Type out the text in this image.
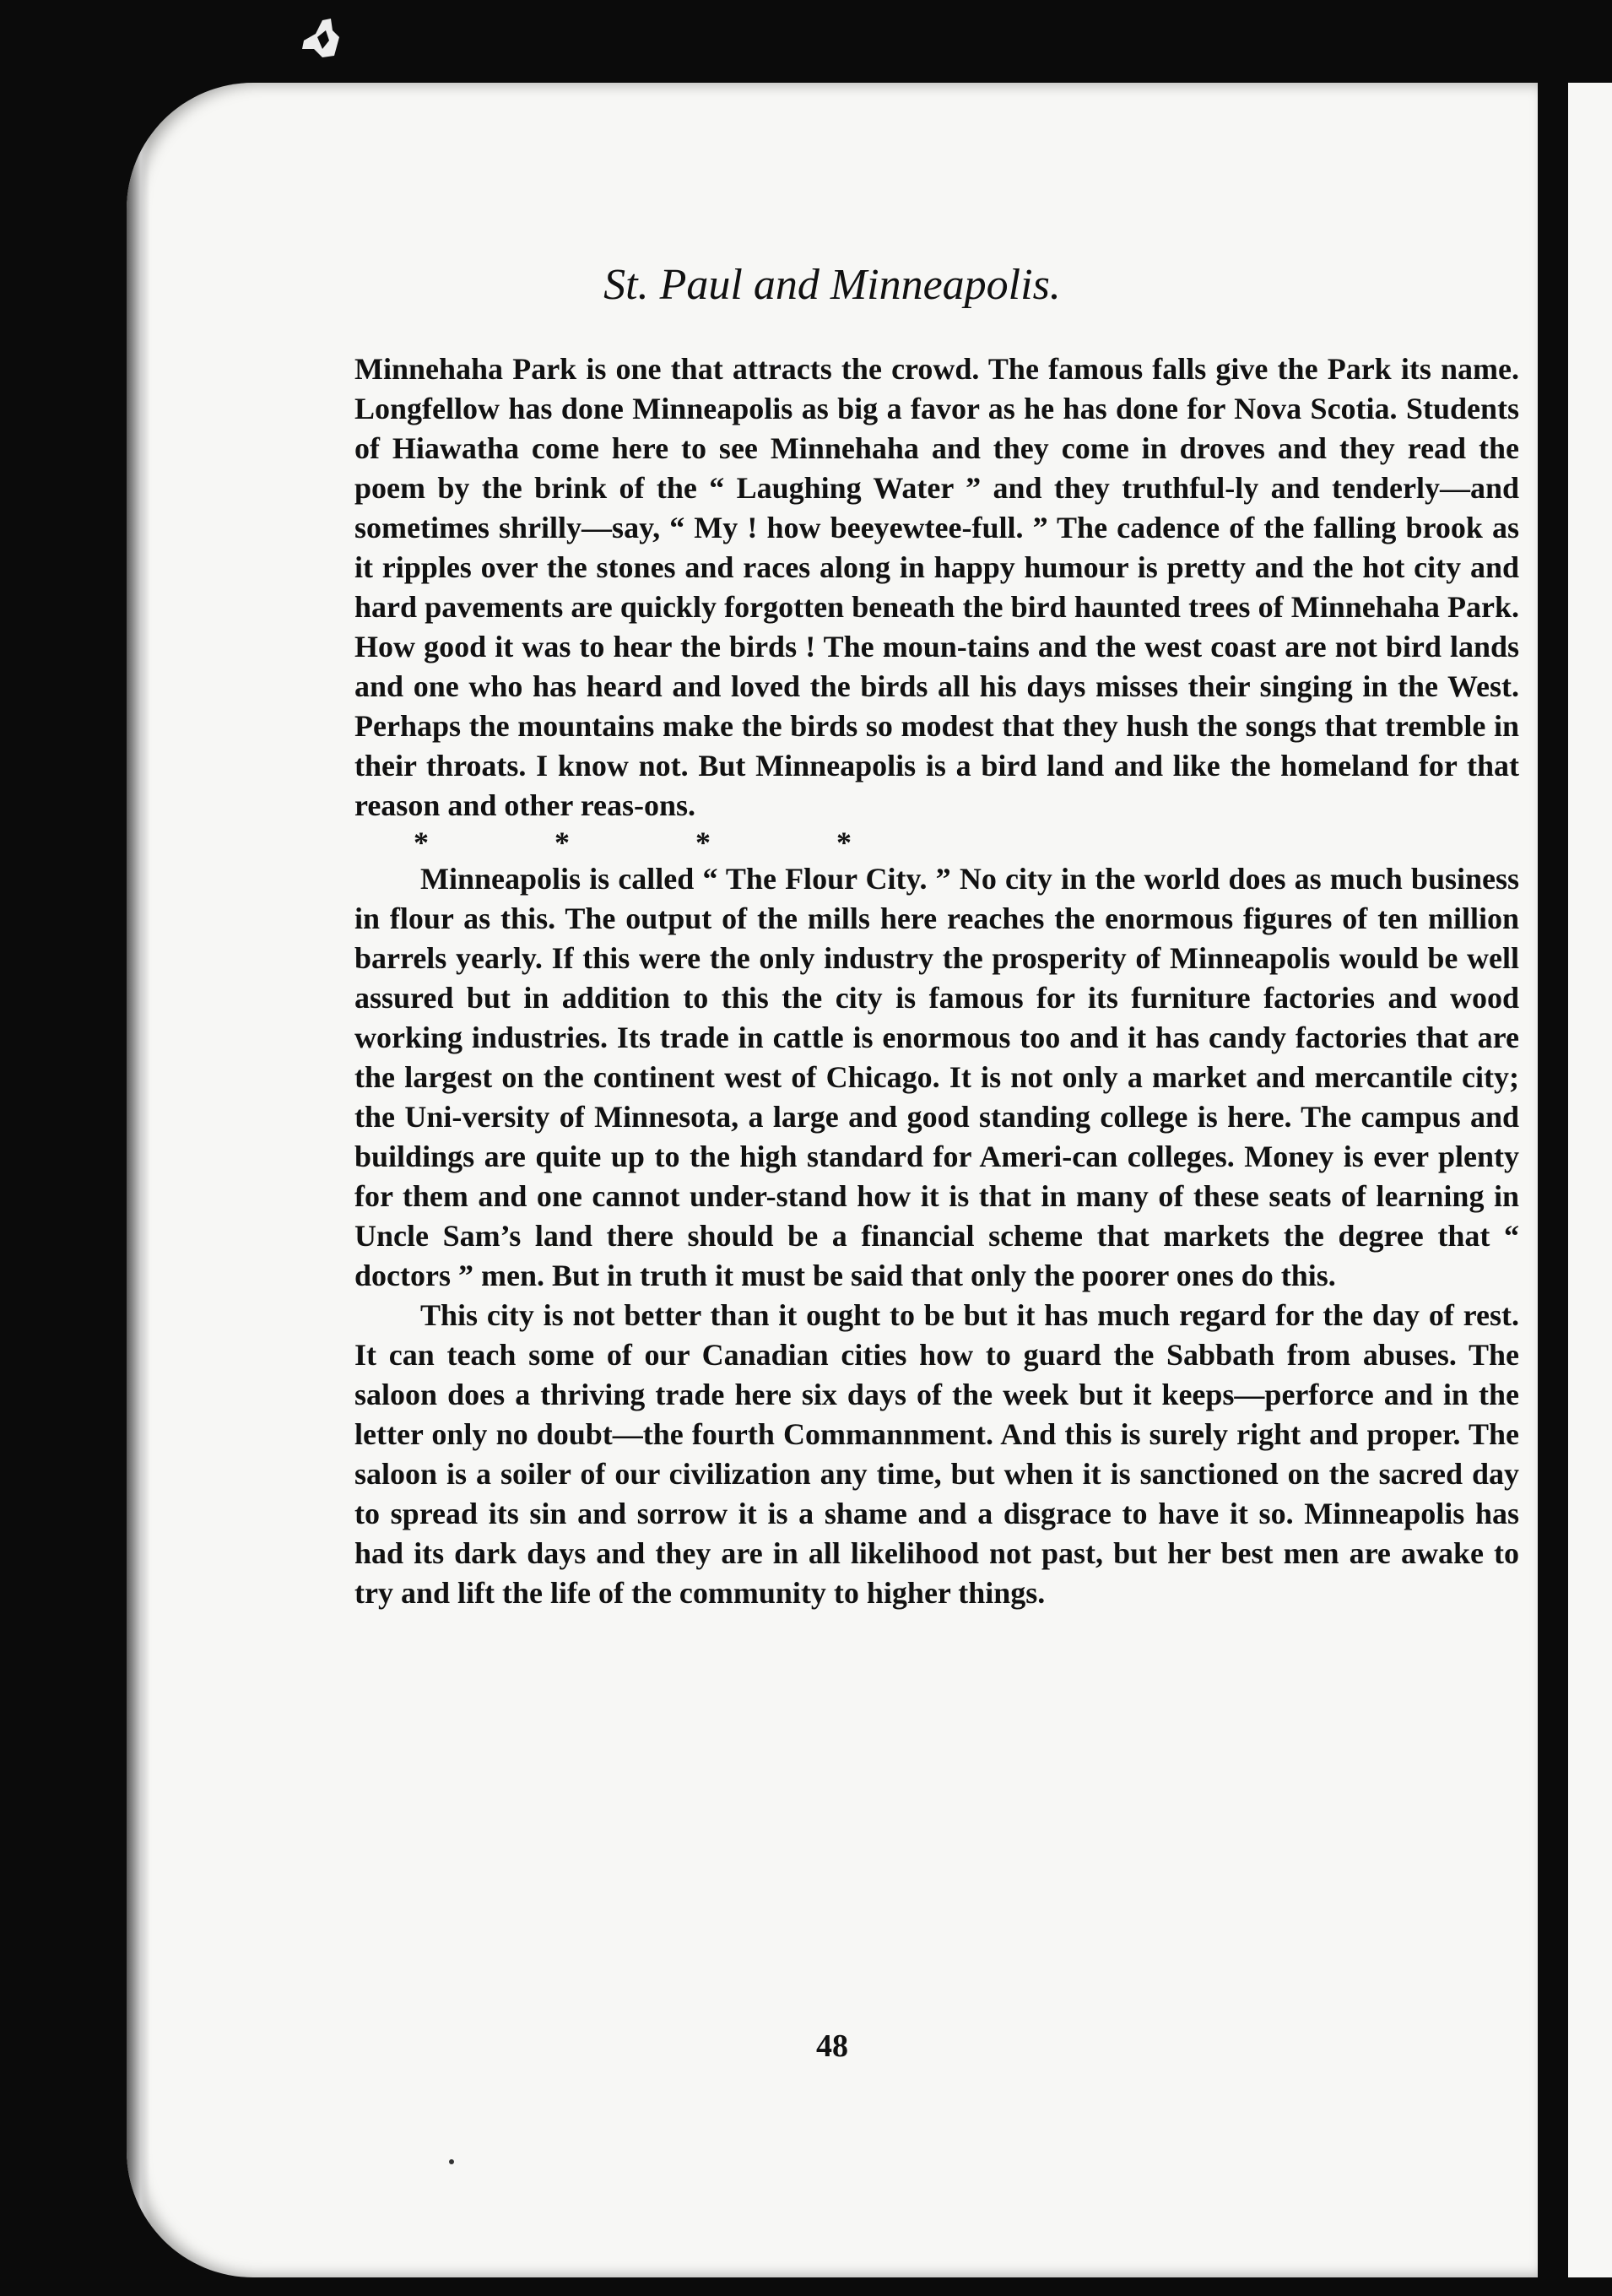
St. Paul and Minneapolis.

Minnehaha Park is one that attracts the crowd. The famous falls give the Park its name. Longfellow has done Minneapolis as big a favor as he has done for Nova Scotia. Students of Hiawatha come here to see Minnehaha and they come in droves and they read the poem by the brink of the “ Laughing Water ” and they truthful-ly and tenderly—and sometimes shrilly—say, “ My ! how beeyewtee-full. ” The cadence of the falling brook as it ripples over the stones and races along in happy humour is pretty and the hot city and hard pavements are quickly forgotten beneath the bird haunted trees of Minnehaha Park. How good it was to hear the birds ! The moun-tains and the west coast are not bird lands and one who has heard and loved the birds all his days misses their singing in the West. Perhaps the mountains make the birds so modest that they hush the songs that tremble in their throats. I know not. But Minneapolis is a bird land and like the homeland for that reason and other reas-ons.

* * * *

Minneapolis is called “ The Flour City. ” No city in the world does as much business in flour as this. The output of the mills here reaches the enormous figures of ten million barrels yearly. If this were the only industry the prosperity of Minneapolis would be well assured but in addition to this the city is famous for its furniture factories and wood working industries. Its trade in cattle is enormous too and it has candy factories that are the largest on the continent west of Chicago. It is not only a market and mercantile city; the Uni-versity of Minnesota, a large and good standing college is here. The campus and buildings are quite up to the high standard for Ameri-can colleges. Money is ever plenty for them and one cannot under-stand how it is that in many of these seats of learning in Uncle Sam’s land there should be a financial scheme that markets the degree that “ doctors ” men. But in truth it must be said that only the poorer ones do this.

This city is not better than it ought to be but it has much regard for the day of rest. It can teach some of our Canadian cities how to guard the Sabbath from abuses. The saloon does a thriving trade here six days of the week but it keeps—perforce and in the letter only no doubt—the fourth Commannment. And this is surely right and proper. The saloon is a soiler of our civilization any time, but when it is sanctioned on the sacred day to spread its sin and sorrow it is a shame and a disgrace to have it so. Minneapolis has had its dark days and they are in all likelihood not past, but her best men are awake to try and lift the life of the community to higher things.

48
